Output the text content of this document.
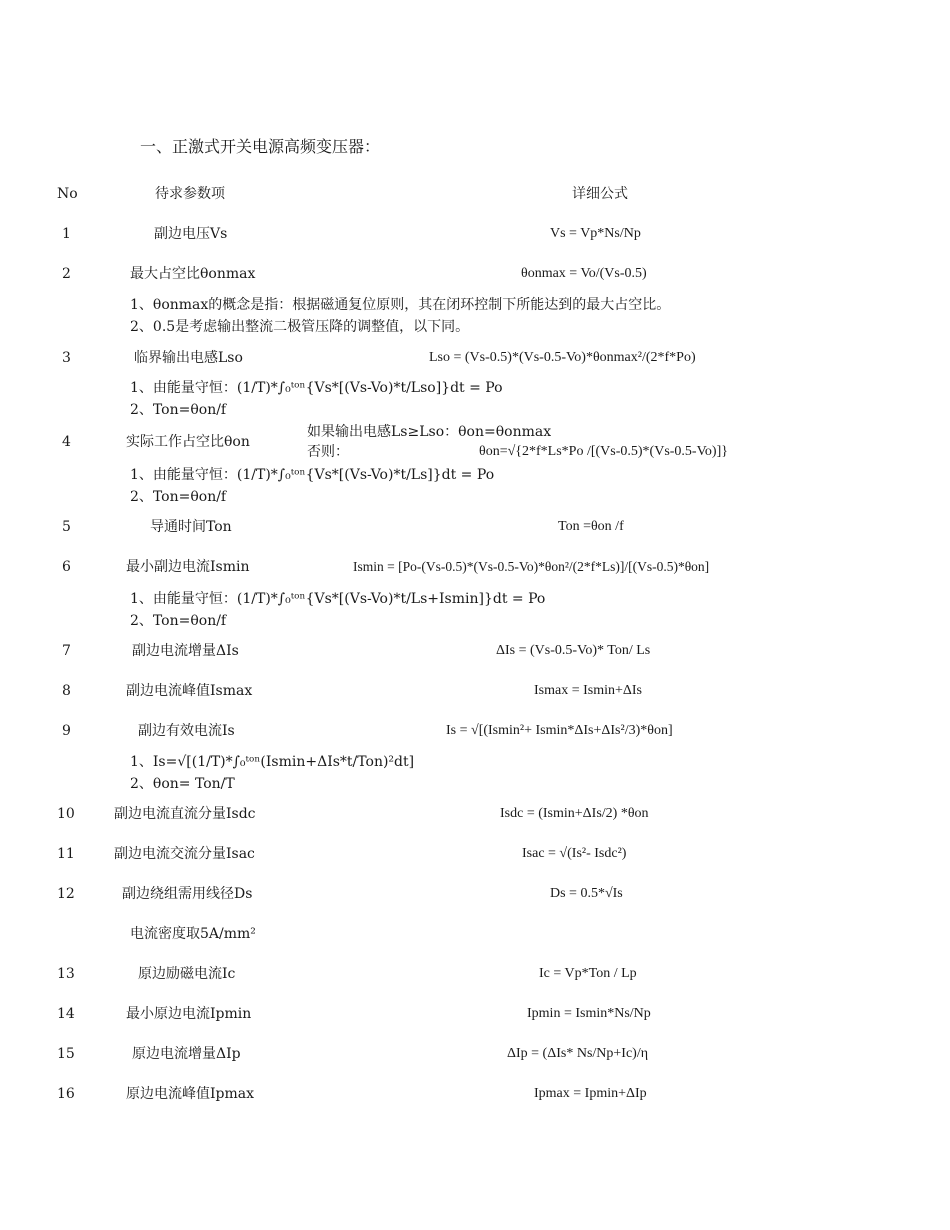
一、正激式开关电源高频变压器：
No	待求参数项	详细公式
1	副边电压Vs	Vs = Vp*Ns/Np
2	最大占空比θonmax	θonmax = Vo/(Vs-0.5)
1、θonmax的概念是指：根据磁通复位原则，其在闭环控制下所能达到的最大占空比。
2、0.5是考虑输出整流二极管压降的调整值，以下同。
3	临界输出电感Lso	Lso = (Vs-0.5)*(Vs-0.5-Vo)*θonmax²/(2*f*Po)
1、由能量守恒：(1/T)*∫₀ᵗᵒⁿ{Vs*[(Vs-Vo)*t/Lso]}dt = Po
2、Ton=θon/f
4	实际工作占空比θon
如果输出电感Ls≥Lso：θon=θonmax
否则：	θon=√{2*f*Ls*Po /[(Vs-0.5)*(Vs-0.5-Vo)]}
1、由能量守恒：(1/T)*∫₀ᵗᵒⁿ{Vs*[(Vs-Vo)*t/Ls]}dt = Po
2、Ton=θon/f
5	导通时间Ton	Ton =θon /f
6	最小副边电流Ismin	Ismin = [Po-(Vs-0.5)*(Vs-0.5-Vo)*θon²/(2*f*Ls)]/[(Vs-0.5)*θon]
1、由能量守恒：(1/T)*∫₀ᵗᵒⁿ{Vs*[(Vs-Vo)*t/Ls+Ismin]}dt = Po
2、Ton=θon/f
7	副边电流增量ΔIs	ΔIs = (Vs-0.5-Vo)* Ton/ Ls
8	副边电流峰值Ismax	Ismax = Ismin+ΔIs
9	副边有效电流Is	Is = √[(Ismin²+ Ismin*ΔIs+ΔIs²/3)*θon]
1、Is=√[(1/T)*∫₀ᵗᵒⁿ(Ismin+ΔIs*t/Ton)²dt]
2、θon= Ton/T
10	副边电流直流分量Isdc	Isdc = (Ismin+ΔIs/2) *θon
11	副边电流交流分量Isac	Isac = √(Is²- Isdc²)
12	副边绕组需用线径Ds	Ds = 0.5*√Is
电流密度取5A/mm²
13	原边励磁电流Ic	Ic = Vp*Ton / Lp
14	最小原边电流Ipmin	Ipmin = Ismin*Ns/Np
15	原边电流增量ΔIp	ΔIp = (ΔIs* Ns/Np+Ic)/η
16	原边电流峰值Ipmax	Ipmax = Ipmin+ΔIp
